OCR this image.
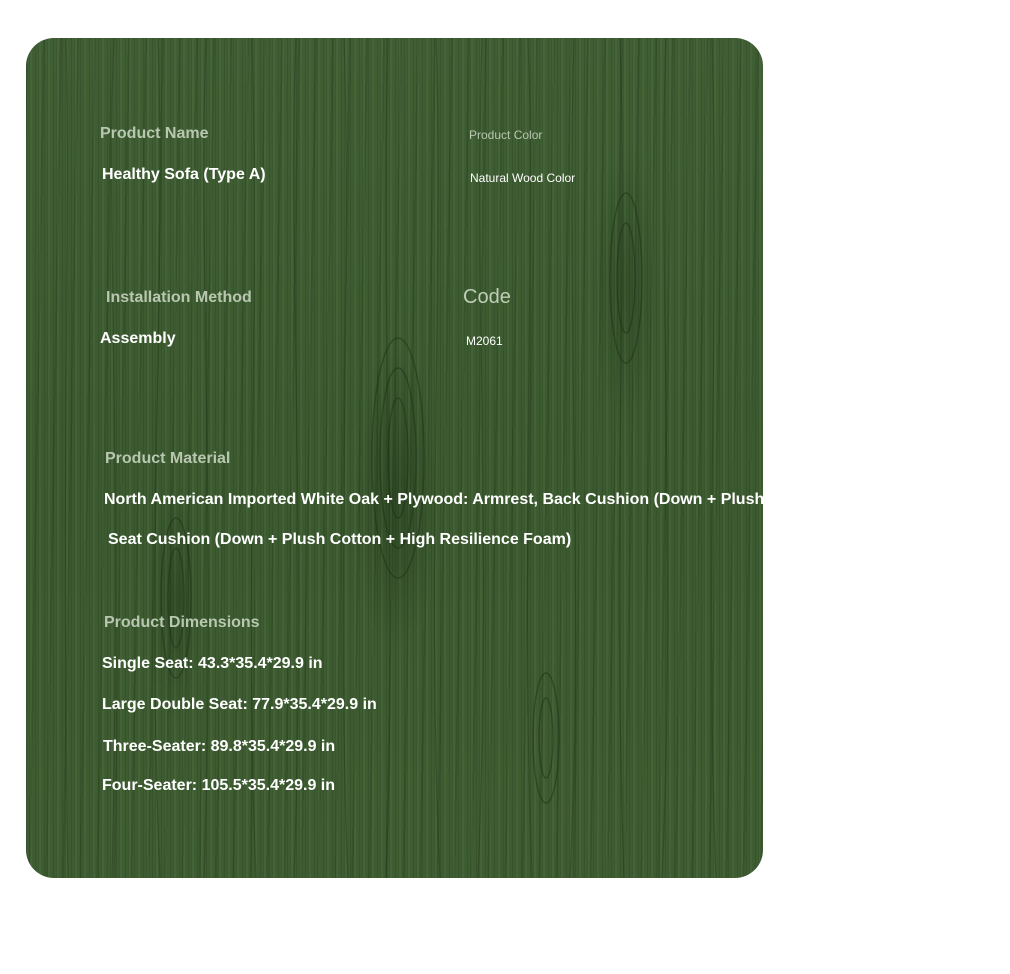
Product Name
Healthy Sofa (Type A)
Product Color
Natural Wood Color
Installation Method
Assembly
Code
M2061
Product Material
North American Imported White Oak + Plywood: Armrest, Back Cushion (Down + Plush Cotton + High Resilience Foam)
Seat Cushion (Down + Plush Cotton + High Resilience Foam)
Product Dimensions
Single Seat: 43.3*35.4*29.9 in
Large Double Seat: 77.9*35.4*29.9 in
Three-Seater: 89.8*35.4*29.9 in
Four-Seater: 105.5*35.4*29.9 in
